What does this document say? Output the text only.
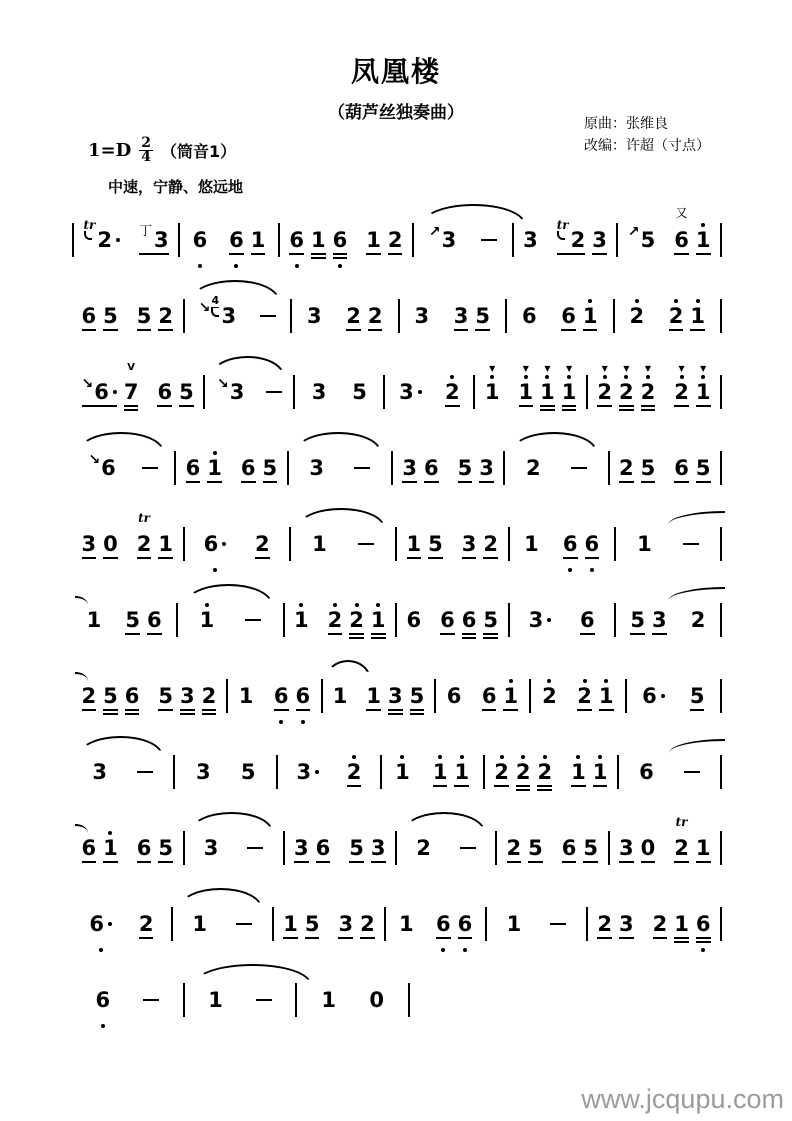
凤凰楼
（葫芦丝独奏曲）
原曲：张维良
改编：许超（寸点）
1=D 2
4 （筒音1）
中速，宁静、悠远地
tr
2 丁 3 6 6 1 6 1 6 1 2 ↗ 3	3
tr
2 3 ↗ 5
又
6 1
6 5 5 2 ↘ 4
3	3 2 2 3 3 5 6 6 1 2 2 1
↘ 6
V
7 6 5 ↘ 3	3 5 3 2
▼
1
▼
1
▼
1
▼
1
▼
2
▼
2
▼
2
▼
2
▼
1
↘ 6	6 1 6 5 3	3 6 5 3 2	2 5 6 5
3 0
tr
2 1 6 2 1	1 5 3 2 1 6 6 1
1 5 6 1	1 2 2 1 6 6 6 5 3 6 5 3 2
2 5 6 5 3 2 1 6 6 1 1 3 5 6 6 1 2 2 1 6 5
3	3 5 3 2 1 1 1 2 2 2 1 1 6
6 1 6 5 3	3 6 5 3 2	2 5 6 5 3 0
tr
2 1
6 2 1	1 5 3 2 1 6 6 1	2 3 2 1 6
6	1	1 0
www.jcqupu.com
